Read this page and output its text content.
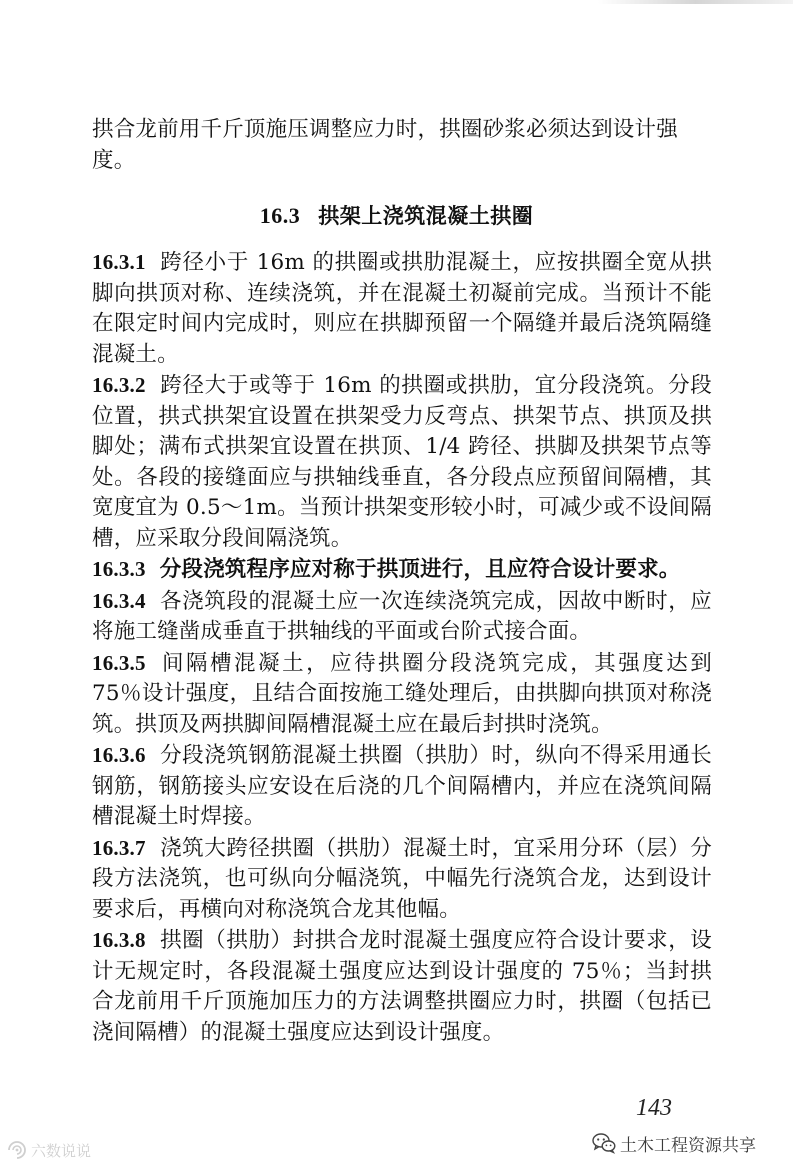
拱合龙前用千斤顶施压调整应力时，拱圈砂浆必须达到设计强度。
16.3 拱架上浇筑混凝土拱圈

16.3.1 跨径小于 16m 的拱圈或拱肋混凝土，应按拱圈全宽从拱脚向拱顶对称、连续浇筑，并在混凝土初凝前完成。当预计不能在限定时间内完成时，则应在拱脚预留一个隔缝并最后浇筑隔缝混凝土。

16.3.2 跨径大于或等于 16m 的拱圈或拱肋，宜分段浇筑。分段位置，拱式拱架宜设置在拱架受力反弯点、拱架节点、拱顶及拱脚处；满布式拱架宜设置在拱顶、1/4 跨径、拱脚及拱架节点等处。各段的接缝面应与拱轴线垂直，各分段点应预留间隔槽，其宽度宜为 0.5～1m。当预计拱架变形较小时，可减少或不设间隔槽，应采取分段间隔浇筑。

16.3.3 分段浇筑程序应对称于拱顶进行，且应符合设计要求。

16.3.4 各浇筑段的混凝土应一次连续浇筑完成，因故中断时，应将施工缝凿成垂直于拱轴线的平面或台阶式接合面。

16.3.5 间隔槽混凝土，应待拱圈分段浇筑完成，其强度达到 75％设计强度，且结合面按施工缝处理后，由拱脚向拱顶对称浇筑。拱顶及两拱脚间隔槽混凝土应在最后封拱时浇筑。

16.3.6 分段浇筑钢筋混凝土拱圈（拱肋）时，纵向不得采用通长钢筋，钢筋接头应安设在后浇的几个间隔槽内，并应在浇筑间隔槽混凝土时焊接。

16.3.7 浇筑大跨径拱圈（拱肋）混凝土时，宜采用分环（层）分段方法浇筑，也可纵向分幅浇筑，中幅先行浇筑合龙，达到设计要求后，再横向对称浇筑合龙其他幅。

16.3.8 拱圈（拱肋）封拱合龙时混凝土强度应符合设计要求，设计无规定时，各段混凝土强度应达到设计强度的 75％；当封拱合龙前用千斤顶施加压力的方法调整拱圈应力时，拱圈（包括已浇间隔槽）的混凝土强度应达到设计强度。

143
土木工程资源共享
六数说说
